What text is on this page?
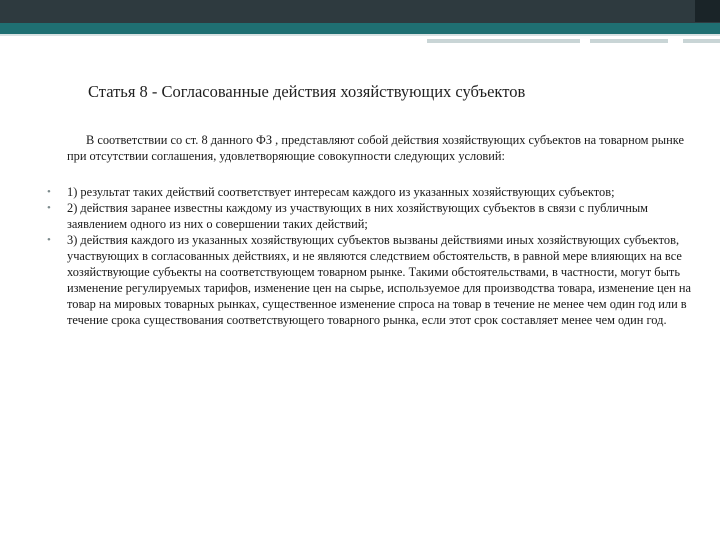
Статья 8 - Согласованные действия хозяйствующих субъектов
В соответствии со ст. 8 данного ФЗ , представляют собой действия хозяйствующих субъектов на товарном рынке при отсутствии соглашения, удовлетворяющие совокупности следующих условий:
• 1) результат таких действий соответствует интересам каждого из указанных хозяйствующих субъектов;
• 2) действия заранее известны каждому из участвующих в них хозяйствующих субъектов в связи с публичным заявлением одного из них о совершении таких действий;
• 3) действия каждого из указанных хозяйствующих субъектов вызваны действиями иных хозяйствующих субъектов, участвующих в согласованных действиях, и не являются следствием обстоятельств, в равной мере влияющих на все хозяйствующие субъекты на соответствующем товарном рынке. Такими обстоятельствами, в частности, могут быть изменение регулируемых тарифов, изменение цен на сырье, используемое для производства товара, изменение цен на товар на мировых товарных рынках, существенное изменение спроса на товар в течение не менее чем один год или в течение срока существования соответствующего товарного рынка, если этот срок составляет менее чем один год.
